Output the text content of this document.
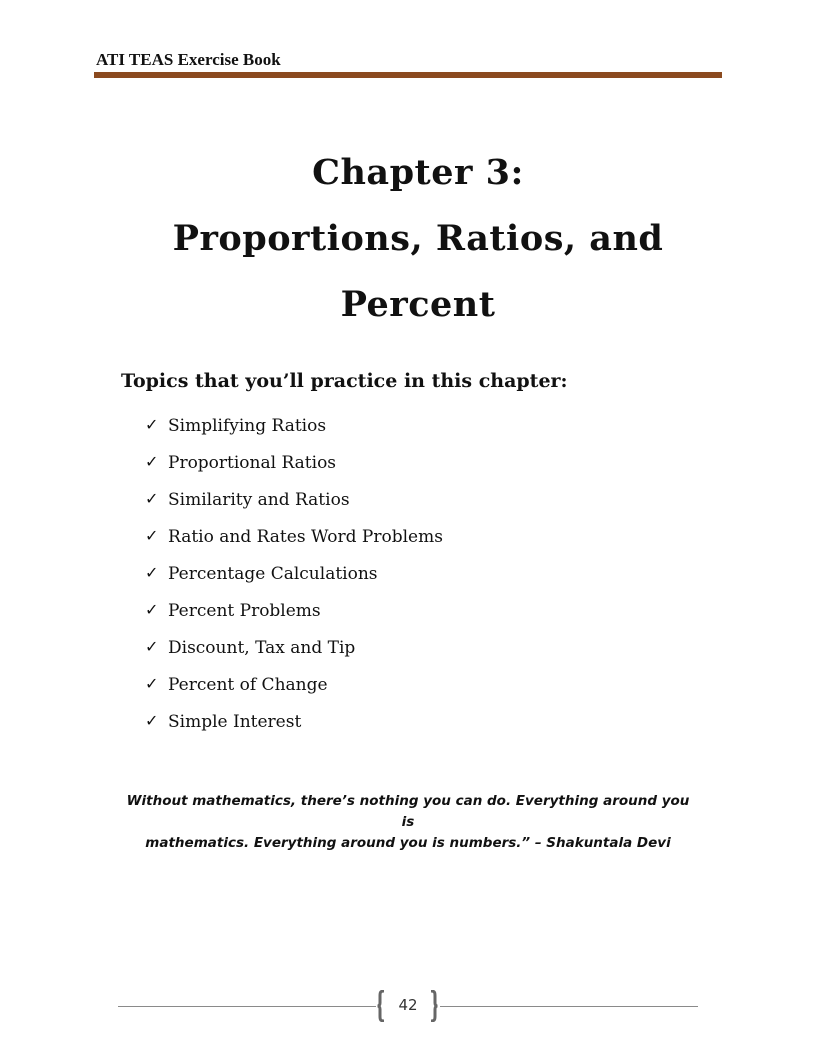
ATI TEAS Exercise Book
Chapter 3:
Proportions, Ratios, and
Percent
Topics that you’ll practice in this chapter:
✓ Simplifying Ratios
✓ Proportional Ratios
✓ Similarity and Ratios
✓ Ratio and Rates Word Problems
✓ Percentage Calculations
✓ Percent Problems
✓ Discount, Tax and Tip
✓ Percent of Change
✓ Simple Interest
Without mathematics, there’s nothing you can do. Everything around you is
mathematics. Everything around you is numbers.” – Shakuntala Devi
42
